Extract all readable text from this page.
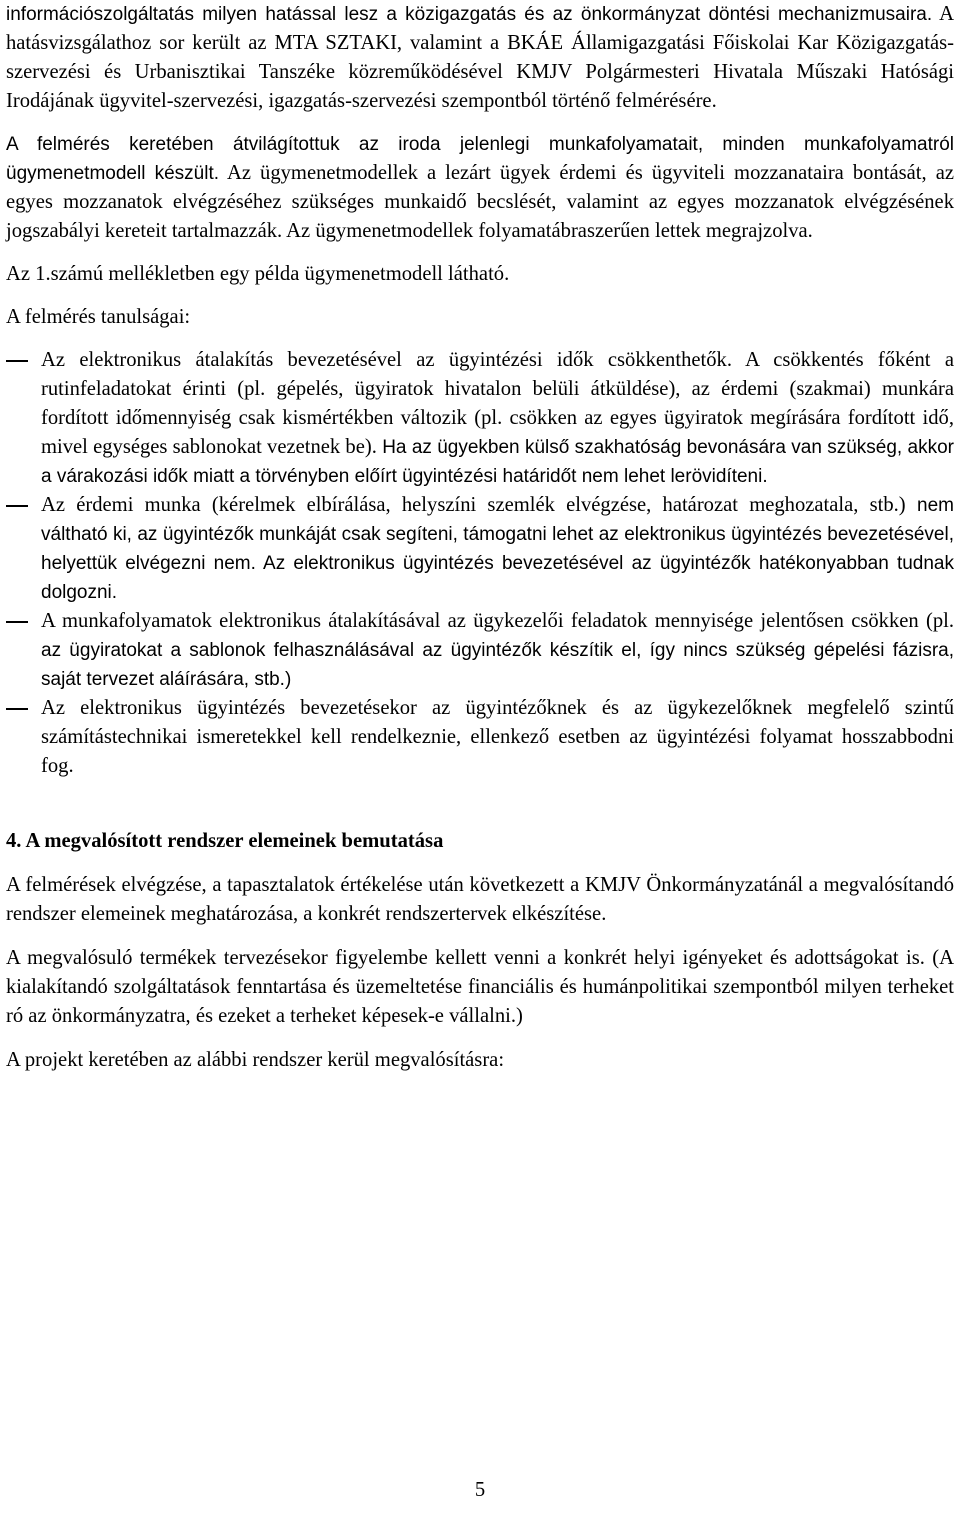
információszolgáltatás milyen hatással lesz a közigazgatás és az önkormányzat döntési mechanizmusaira. A hatásvizsgálathoz sor került az MTA SZTAKI, valamint a BKÁE Államigazgatási Főiskolai Kar Közigazgatás-szervezési és Urbanisztikai Tanszéke közreműködésével KMJV Polgármesteri Hivatala Műszaki Hatósági Irodájának ügyvitel-szervezési, igazgatás-szervezési szempontból történő felmérésére.

A felmérés keretében átvilágítottuk az iroda jelenlegi munkafolyamatait, minden munkafolyamatról ügymenetmodell készült. Az ügymenetmodellek a lezárt ügyek érdemi és ügyviteli mozzanataira bontását, az egyes mozzanatok elvégzéséhez szükséges munkaidő becslését, valamint az egyes mozzanatok elvégzésének jogszabályi kereteit tartalmazzák. Az ügymenetmodellek folyamatábraszerűen lettek megrajzolva.

Az 1.számú mellékletben egy példa ügymenetmodell látható.

A felmérés tanulságai:

Az elektronikus átalakítás bevezetésével az ügyintézési idők csökkenthetők. A csökkentés főként a rutinfeladatokat érinti (pl. gépelés, ügyiratok hivatalon belüli átküldése), az érdemi (szakmai) munkára fordított időmennyiség csak kismértékben változik (pl. csökken az egyes ügyiratok megírására fordított idő, mivel egységes sablonokat vezetnek be). Ha az ügyekben külső szakhatóság bevonására van szükség, akkor a várakozási idők miatt a törvényben előírt ügyintézési határidőt nem lehet lerövidíteni.
Az érdemi munka (kérelmek elbírálása, helyszíni szemlék elvégzése, határozat meghozatala, stb.) nem váltható ki, az ügyintézők munkáját csak segíteni, támogatni lehet az elektronikus ügyintézés bevezetésével, helyettük elvégezni nem. Az elektronikus ügyintézés bevezetésével az ügyintézők hatékonyabban tudnak dolgozni.
A munkafolyamatok elektronikus átalakításával az ügykezelői feladatok mennyisége jelentősen csökken (pl. az ügyiratokat a sablonok felhasználásával az ügyintézők készítik el, így nincs szükség gépelési fázisra, saját tervezet aláírására, stb.)
Az elektronikus ügyintézés bevezetésekor az ügyintézőknek és az ügykezelőknek megfelelő szintű számítástechnikai ismeretekkel kell rendelkeznie, ellenkező esetben az ügyintézési folyamat hosszabbodni fog.

4. A megvalósított rendszer elemeinek bemutatása

A felmérések elvégzése, a tapasztalatok értékelése után következett a KMJV Önkormányzatánál a megvalósítandó rendszer elemeinek meghatározása, a konkrét rendszertervek elkészítése.

A megvalósuló termékek tervezésekor figyelembe kellett venni a konkrét helyi igényeket és adottságokat is. (A kialakítandó szolgáltatások fenntartása és üzemeltetése financiális és humánpolitikai szempontból milyen terheket ró az önkormányzatra, és ezeket a terheket képesek-e vállalni.)

A projekt keretében az alábbi rendszer kerül megvalósításra:

5
